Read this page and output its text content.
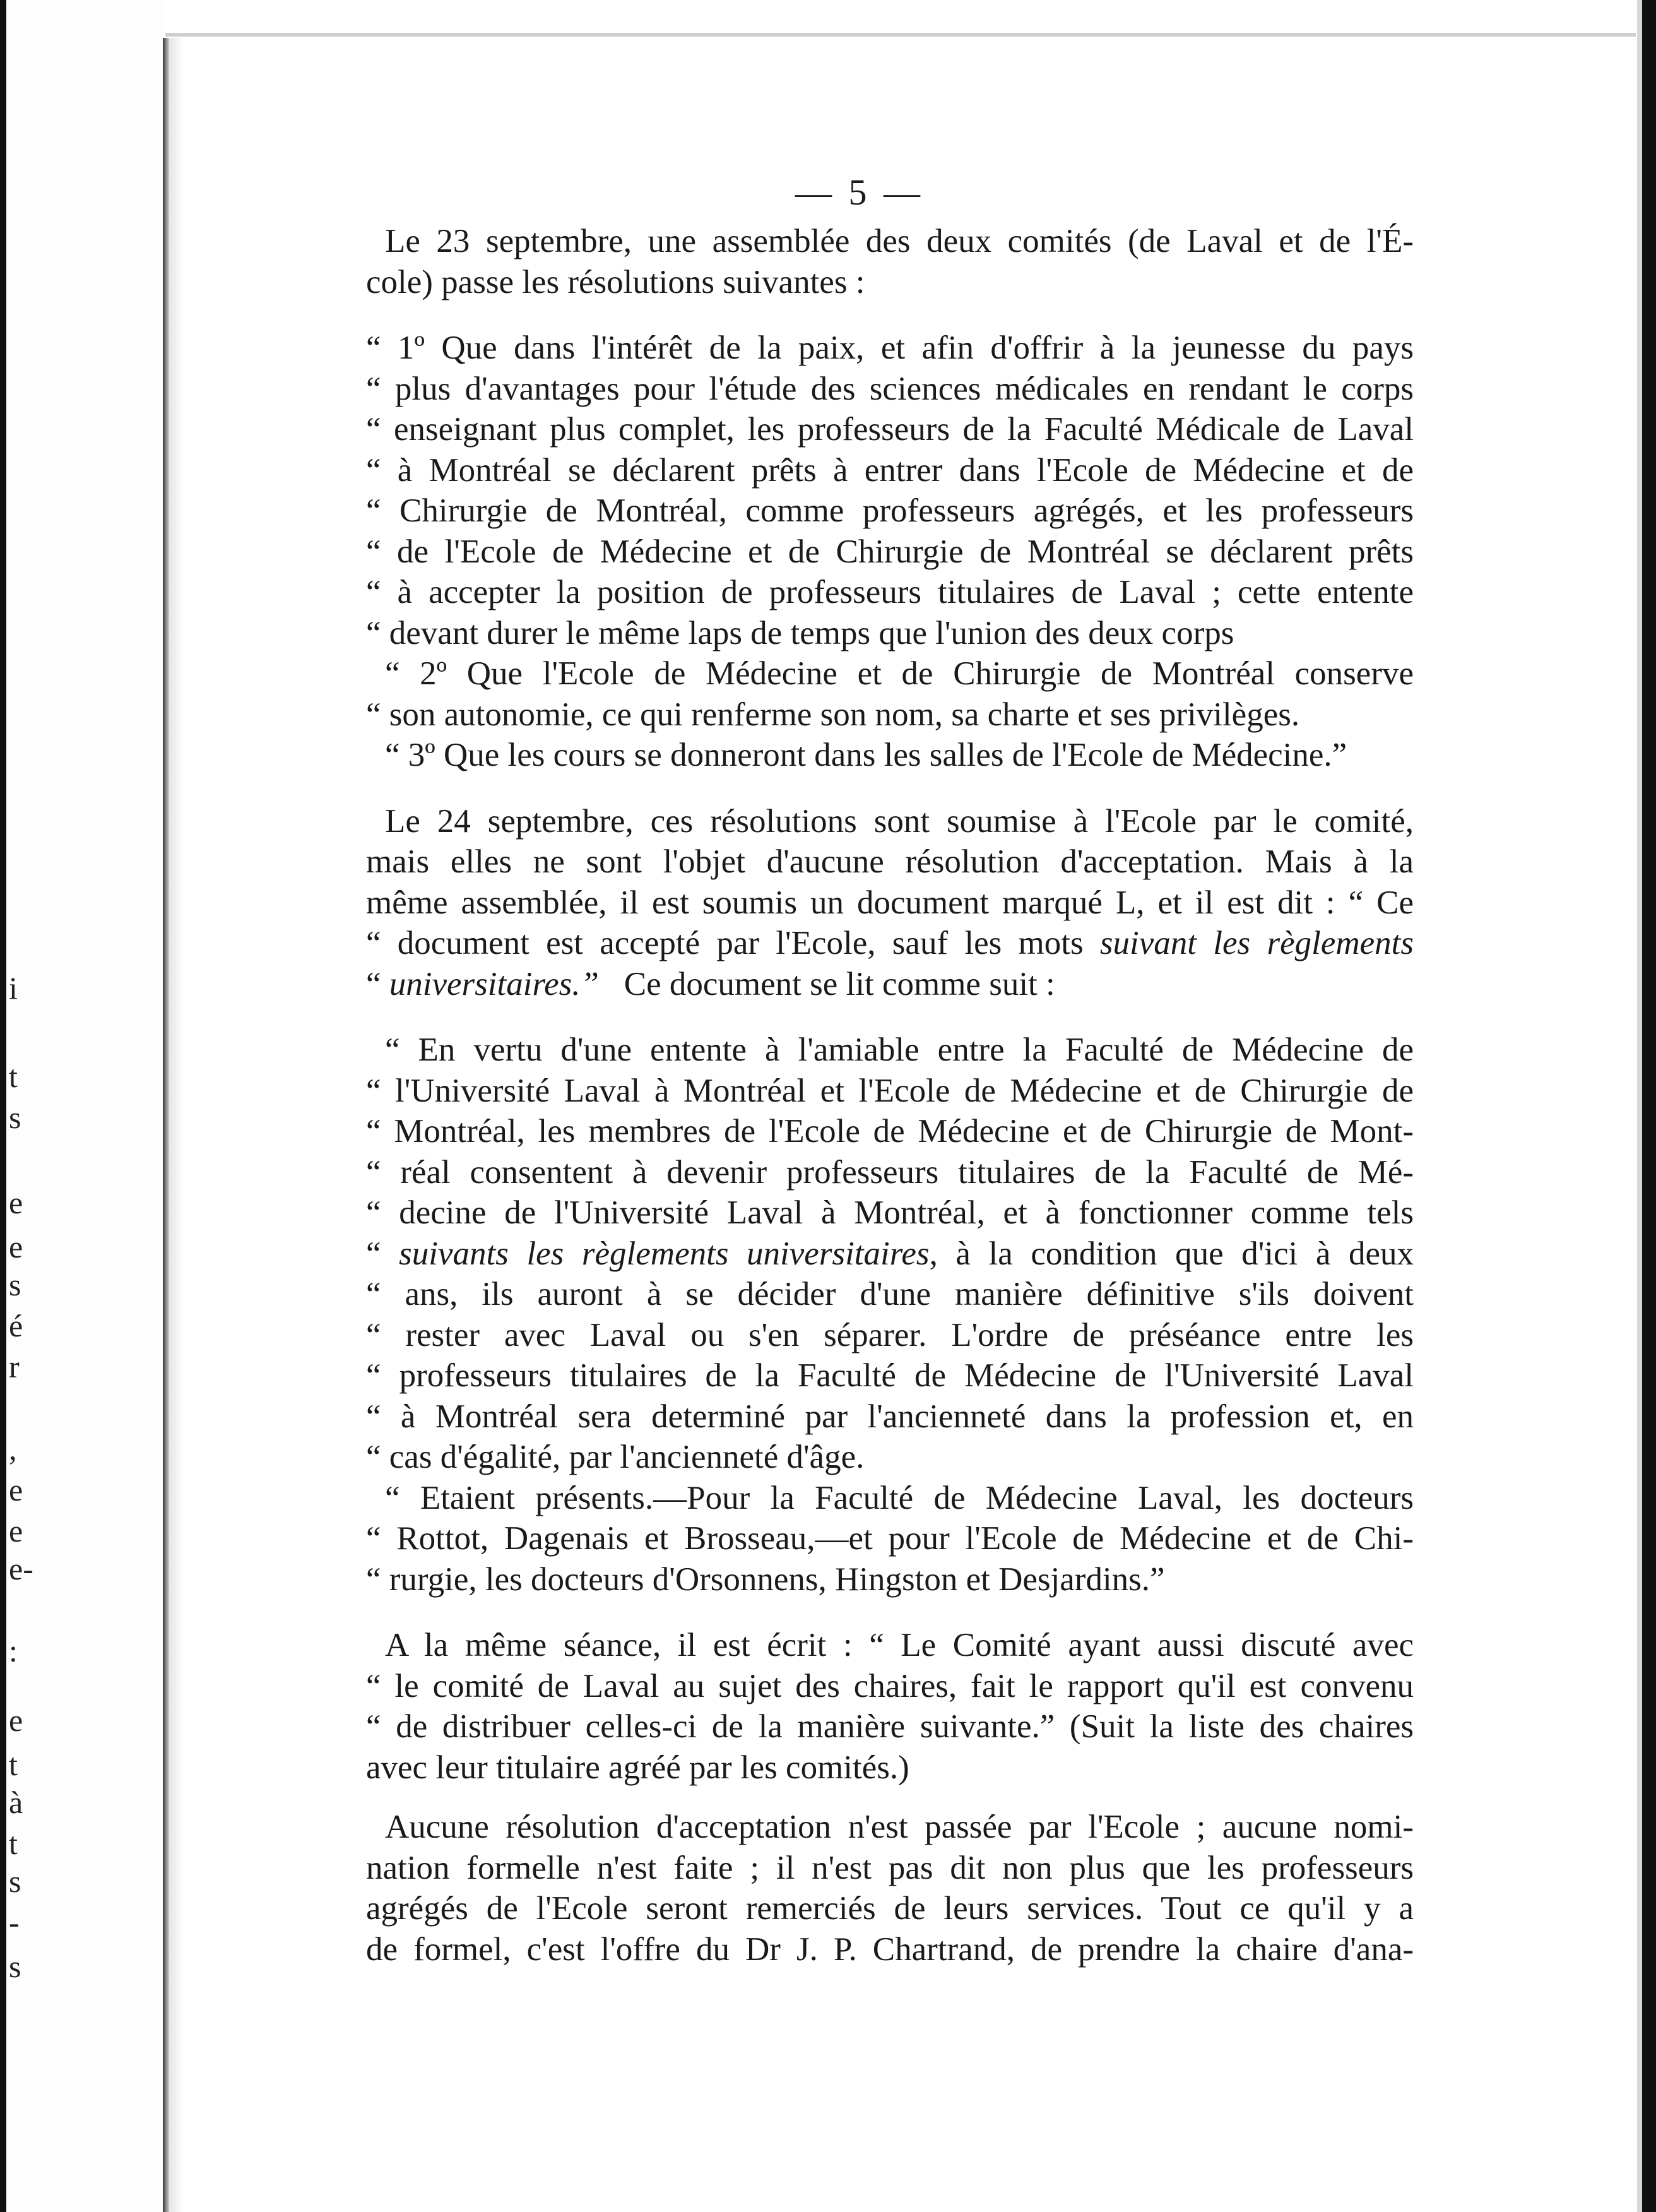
i
t
s
e
e
s
é
r
,
e
e
e-
:
e
t
à
t
s
-
s
— 5 —
Le 23 septembre, une assemblée des deux comités (de Laval et de l'É-
cole) passe les résolutions suivantes :
“ 1º Que dans l'intérêt de la paix, et afin d'offrir à la jeunesse du pays
“ plus d'avantages pour l'étude des sciences médicales en rendant le corps
“ enseignant plus complet, les professeurs de la Faculté Médicale de Laval
“ à Montréal se déclarent prêts à entrer dans l'Ecole de Médecine et de
“ Chirurgie de Montréal, comme professeurs agrégés, et les professeurs
“ de l'Ecole de Médecine et de Chirurgie de Montréal se déclarent prêts
“ à accepter la position de professeurs titulaires de Laval ; cette entente
“ devant durer le même laps de temps que l'union des deux corps
“ 2º Que l'Ecole de Médecine et de Chirurgie de Montréal conserve
“ son autonomie, ce qui renferme son nom, sa charte et ses privilèges.
“ 3º Que les cours se donneront dans les salles de l'Ecole de Médecine.”
Le 24 septembre, ces résolutions sont soumise à l'Ecole par le comité,
mais elles ne sont l'objet d'aucune résolution d'acceptation. Mais à la
même assemblée, il est soumis un document marqué L, et il est dit : “ Ce
“ document est accepté par l'Ecole, sauf les mots suivant les règlements
“ universitaires.” Ce document se lit comme suit :
“ En vertu d'une entente à l'amiable entre la Faculté de Médecine de
“ l'Université Laval à Montréal et l'Ecole de Médecine et de Chirurgie de
“ Montréal, les membres de l'Ecole de Médecine et de Chirurgie de Mont-
“ réal consentent à devenir professeurs titulaires de la Faculté de Mé-
“ decine de l'Université Laval à Montréal, et à fonctionner comme tels
“ suivants les règlements universitaires, à la condition que d'ici à deux
“ ans, ils auront à se décider d'une manière définitive s'ils doivent
“ rester avec Laval ou s'en séparer. L'ordre de préséance entre les
“ professeurs titulaires de la Faculté de Médecine de l'Université Laval
“ à Montréal sera determiné par l'ancienneté dans la profession et, en
“ cas d'égalité, par l'ancienneté d'âge.
“ Etaient présents.—Pour la Faculté de Médecine Laval, les docteurs
“ Rottot, Dagenais et Brosseau,—et pour l'Ecole de Médecine et de Chi-
“ rurgie, les docteurs d'Orsonnens, Hingston et Desjardins.”
A la même séance, il est écrit : “ Le Comité ayant aussi discuté avec
“ le comité de Laval au sujet des chaires, fait le rapport qu'il est convenu
“ de distribuer celles-ci de la manière suivante.” (Suit la liste des chaires
avec leur titulaire agréé par les comités.)
Aucune résolution d'acceptation n'est passée par l'Ecole ; aucune nomi-
nation formelle n'est faite ; il n'est pas dit non plus que les professeurs
agrégés de l'Ecole seront remerciés de leurs services. Tout ce qu'il y a
de formel, c'est l'offre du Dr J. P. Chartrand, de prendre la chaire d'ana-
